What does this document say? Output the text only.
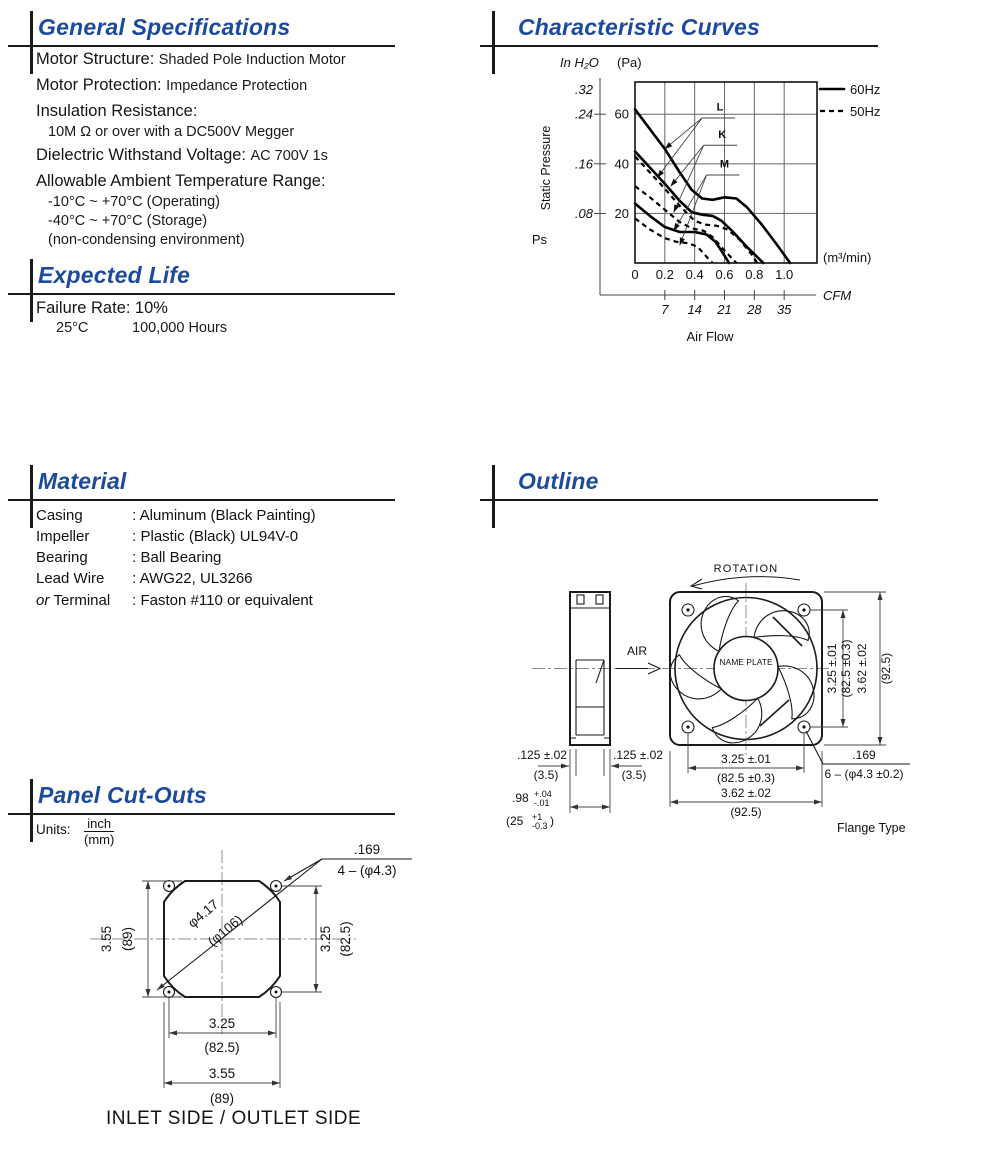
General Specifications
Motor Structure: Shaded Pole Induction Motor
Motor Protection: Impedance Protection
Insulation Resistance:
10M Ω or over with a DC500V Megger
Dielectric Withstand Voltage: AC 700V 1s
Allowable Ambient Temperature Range:
-10°C ~ +70°C (Operating)
-40°C ~ +70°C (Storage)
(non-condensing environment)
Expected Life
Failure Rate: 10%
25°C	100,000 Hours
Characteristic Curves
.24 60
.16 40
.08 20
0 0.2 0.4 0.6 0.8 1.0
7 14 21 28 35
L
K
M
In H₂O (Pa)
.32
Static Pressure
Ps
(m³/min)
CFM
Air Flow
60Hz
50Hz
Material
Casing	: Aluminum (Black Painting)
Impeller	: Plastic (Black) UL94V-0
Bearing	: Ball Bearing
Lead Wire : AWG22, UL3266
or Terminal : Faston #110 or equivalent
Outline
AIR
NAME PLATE
ROTATION
3.25 ±.01 (82.5 ±0.3) 3.62 ±.02 (92.5)
3.25 ±.01
(82.5 ±0.3)
3.62 ±.02
(92.5)
.125 ±.02
(3.5)
.125 ±.02
(3.5)
.98 +.04
-.01
(25 +1
-0.3 )
.169
6 – (φ4.3 ±0.2)
Flange Type
Panel Cut-Outs
Units: inch
(mm)
.169
4 – (φ4.3)
φ4.17
(φ106)
3.55 (89)	3.25 (82.5)
3.25
(82.5)
3.55
(89)
INLET SIDE / OUTLET SIDE
